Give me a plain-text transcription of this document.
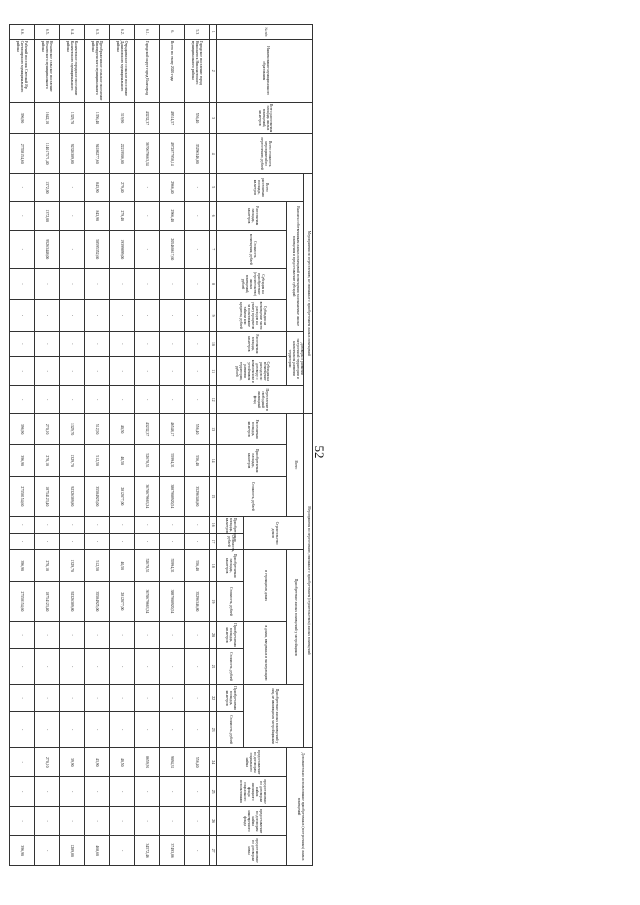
52
№ п/п	Наименование муниципального образования	Всего расселяемая площадь жилых помещений, кв.метров	Всего стоимость мероприятий по переселению, рублей	Мероприятия по переселению, не связанные с приобретением жилых помещений								Мероприятия по переселению, связанные с приобретением (строительством) жилых помещений											Дополнительно: использование приобретенных (построенных) жилых помещений			
				Всего расселяемая площадь, кв.метров	Выплата собственникам жилых помещений возмещения за изымаемые жилые помещения и предоставление субсидий				Договоры о развитии застроенной территории и комплексном развитии территории		Переселение в свободный жилищный фонд	Всего			Строительство домов		Приобретение жилых помещений у застройщиков				Приобретение жилых помещений у лиц, не являющихся застройщиками					
					Расселяемая площадь, кв.метров	Стоимость возмещения, рублей	Субсидия на приобретение (строительство) жилых помещений, рублей	Субсидия на возмещение части расходов на уплату процентов за пользование займом или кредитом, рублей	Расселяемая площадь, кв.метров	Субсидия на возмещение расходов по договору о комплексном и устойчивом развитии территории, рублей		Расселяемая площадь, кв.метров	Приобретаемая площадь, кв.метров	Стоимость, рублей			в строящихся домах		в домах, введенных в эксплуатацию				предоставление по договорам социального найма	предоставление по договорам найма жилищного фонда социального использования	предоставление по договорам найма маневренного фонда	предоставление по договорам мены
															Приобретаемая площадь, кв.метров	Стоимость, рублей	Приобретаемая площадь, кв.метров	Стоимость, рублей	Приобретаемая площадь, кв.метров	Стоимость, рублей	Приобретаемая площадь, кв.метров	Стоимость, рублей				
1	2	3	4	5	6	7	8	9	10	11	12	13	14	15	16	17	18	19	20	21	22	23	24	25	26	27
5.3	Городское поселение город Николаевск Николаевского муниципального района	556,40	35296346,80	-	-	-	-	-	-	-	-	556,40	556,40	35296346,80	-	-	556,40	35296346,80	-	-	-	-	556,40	-	-	-
6.	Всего по этапу 2020 года	49514,57	4972877958,14	2966,40	2966,40	205460617,60	-	-	-	-	-	46548,17	55994,31	3887908920,54	-	-	55994,31	3887908920,54	-	-	-	-	9094,31	-	-	37493,86
6.1.	Городской округ город Волгоград	43232,37	3670679663,34	-	-	-	-	-	-	-	-	43232,37	52678,51	3670679663,34	-	-	52678,51	3670679663,34	-	-	-	-	8659,91	-	-	34572,46
6.2.	Отрадненское сельское поселение Даниловского муниципального района	319,90	22219506,00	279,40	279,40	19399899,00	-	-	-	-	-	40,50	40,50	2812077,00	-	-	40,50	2812077,00	-	-	-	-	40,50	-	-	-
6.3.	Преображенское сельское поселение Киквидзенского муниципального района	1356,40	94180277,60	843,90	843,90	58595352,60	-	-	-	-	-	512,50	512,50	35584925,00	-	-	512,50	35584925,00	-	-	-	-	43,90	-	-	468,60
6.4.	Калачевское городское поселение Калачевского муниципального района	1329,70	92326389,80	-	-	-	-	-	-	-	-	1329,70	1329,70	92326389,80	-	-	1329,70	92326389,80	-	-	-	-	39,90	-	-	1289,80
6.5.	Нехаевское сельское поселение Нехаевского муниципального района	1642,10	114017571,40	1372,00	1372,00	95263448,00	-	-	-	-	-	270,10	270,10	18754123,40	-	-	270,10	18754123,40	-	-	-	-	270,10	-	-	-
6.6.	Рабочий поселок Светлый Яр Светлоярского муниципального района	396,90	27558154,60	-	-	-	-	-	-	-	-	396,90	396,90	27558154,60	-	-	396,90	27558154,60	-	-	-	-	-	-	-	396,90
